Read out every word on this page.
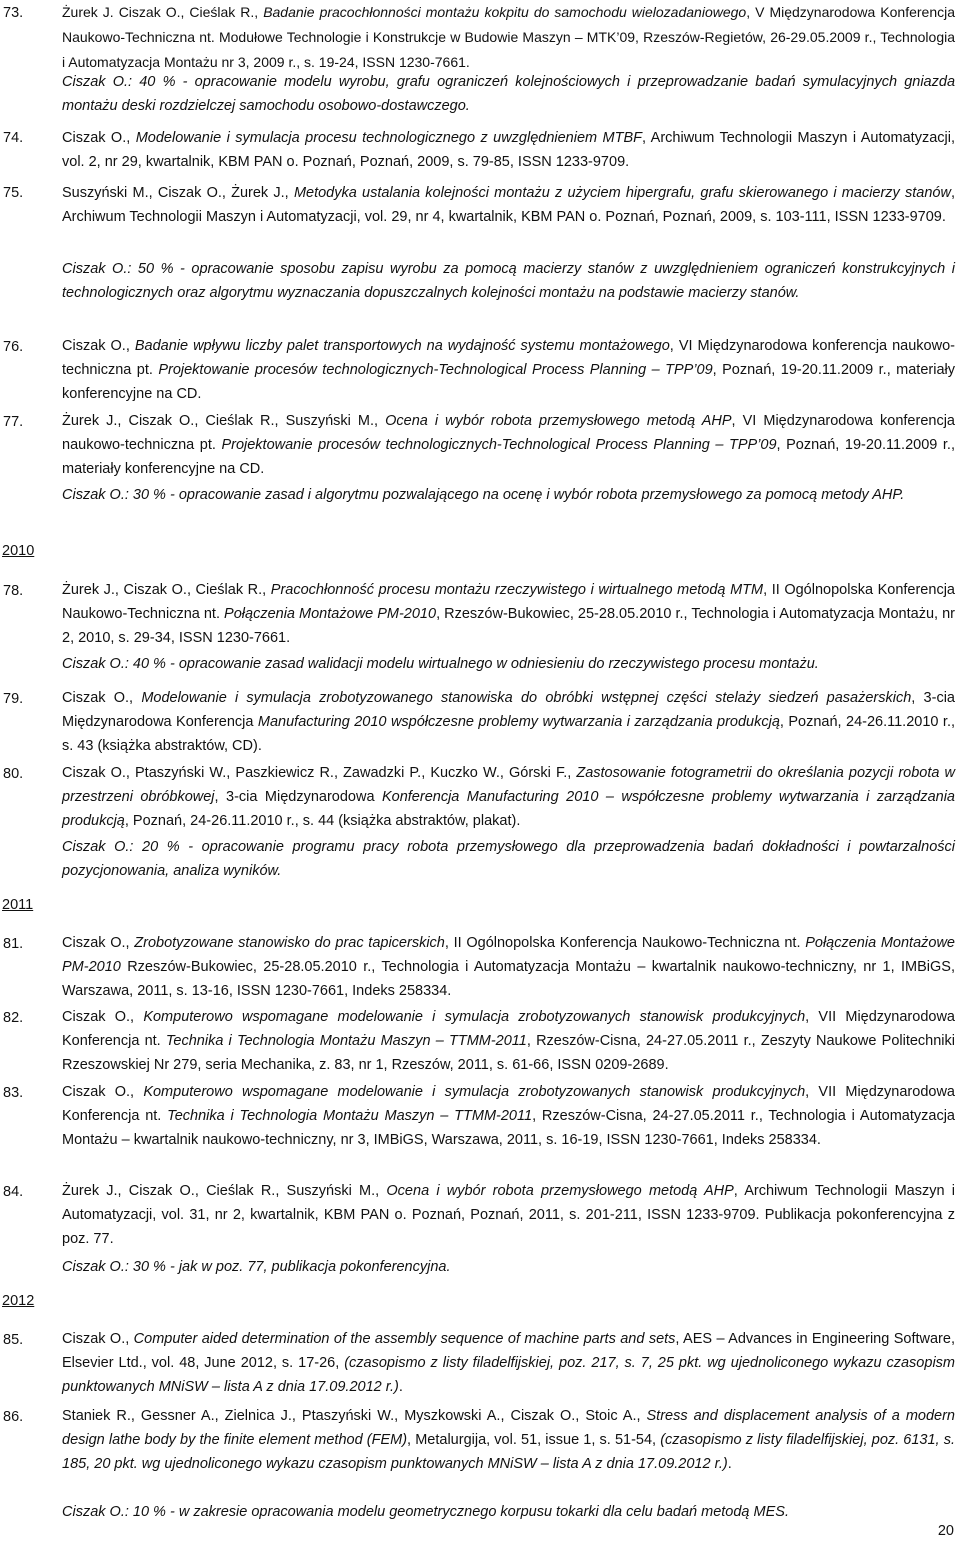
73.	Żurek J. Ciszak O., Cieślak R., Badanie pracochłonności montażu kokpitu do samochodu wielozadaniowego, V Międzynarodowa Konferencja Naukowo-Techniczna nt. Modułowe Technologie i Konstrukcje w Budowie Maszyn – MTK’09, Rzeszów-Regietów, 26-29.05.2009 r., Technologia i Automatyzacja Montażu nr 3, 2009 r., s. 19-24, ISSN 1230-7661.
Ciszak O.: 40 % - opracowanie modelu wyrobu, grafu ograniczeń kolejnościowych i przeprowadzanie badań symulacyjnych gniazda montażu deski rozdzielczej samochodu osobowo-dostawczego.
74.	Ciszak O., Modelowanie i symulacja procesu technologicznego z uwzględnieniem MTBF, Archiwum Technologii Maszyn i Automatyzacji, vol. 2, nr 29, kwartalnik, KBM PAN o. Poznań, Poznań, 2009, s. 79-85, ISSN 1233-9709.
75.	Suszyński M., Ciszak O., Żurek J., Metodyka ustalania kolejności montażu z użyciem hipergrafu, grafu skierowanego i macierzy stanów, Archiwum Technologii Maszyn i Automatyzacji, vol. 29, nr 4, kwartalnik, KBM PAN o. Poznań, Poznań, 2009, s. 103-111, ISSN 1233-9709.
Ciszak O.: 50 % - opracowanie sposobu zapisu wyrobu za pomocą macierzy stanów z uwzględnieniem ograniczeń konstrukcyjnych i technologicznych oraz algorytmu wyznaczania dopuszczalnych kolejności montażu na podstawie macierzy stanów.
76.	Ciszak O., Badanie wpływu liczby palet transportowych na wydajność systemu montażowego, VI Międzynarodowa konferencja naukowo-techniczna pt. Projektowanie procesów technologicznych-Technological Process Planning – TPP’09, Poznań, 19-20.11.2009 r., materiały konferencyjne na CD.
77.	Żurek J., Ciszak O., Cieślak R., Suszyński M., Ocena i wybór robota przemysłowego metodą AHP, VI Międzynarodowa konferencja naukowo-techniczna pt. Projektowanie procesów technologicznych-Technological Process Planning – TPP’09, Poznań, 19-20.11.2009 r., materiały konferencyjne na CD.
Ciszak O.: 30 % - opracowanie zasad i algorytmu pozwalającego na ocenę i wybór robota przemysłowego za pomocą metody AHP.
2010
78.	Żurek J., Ciszak O., Cieślak R., Pracochłonność procesu montażu rzeczywistego i wirtualnego metodą MTM, II Ogólnopolska Konferencja Naukowo-Techniczna nt. Połączenia Montażowe PM-2010, Rzeszów-Bukowiec, 25-28.05.2010 r., Technologia i Automatyzacja Montażu, nr 2, 2010, s. 29-34, ISSN 1230-7661.
Ciszak O.: 40 % - opracowanie zasad walidacji modelu wirtualnego w odniesieniu do rzeczywistego procesu montażu.
79.	Ciszak O., Modelowanie i symulacja zrobotyzowanego stanowiska do obróbki wstępnej części stelaży siedzeń pasażerskich, 3-cia Międzynarodowa Konferencja Manufacturing 2010 współczesne problemy wytwarzania i zarządzania produkcją, Poznań, 24-26.11.2010 r., s. 43 (książka abstraktów, CD).
80.	Ciszak O., Ptaszyński W., Paszkiewicz R., Zawadzki P., Kuczko W., Górski F., Zastosowanie fotogrametrii do określania pozycji robota w przestrzeni obróbkowej, 3-cia Międzynarodowa Konferencja Manufacturing 2010 – współczesne problemy wytwarzania i zarządzania produkcją, Poznań, 24-26.11.2010 r., s. 44 (książka abstraktów, plakat).
Ciszak O.: 20 % - opracowanie programu pracy robota przemysłowego dla przeprowadzenia badań dokładności i powtarzalności pozycjonowania, analiza wyników.
2011
81.	Ciszak O., Zrobotyzowane stanowisko do prac tapicerskich, II Ogólnopolska Konferencja Naukowo-Techniczna nt. Połączenia Montażowe PM-2010 Rzeszów-Bukowiec, 25-28.05.2010 r., Technologia i Automatyzacja Montażu – kwartalnik naukowo-techniczny, nr 1, IMBiGS, Warszawa, 2011, s. 13-16, ISSN 1230-7661, Indeks 258334.
82.	Ciszak O., Komputerowo wspomagane modelowanie i symulacja zrobotyzowanych stanowisk produkcyjnych, VII Międzynarodowa Konferencja nt. Technika i Technologia Montażu Maszyn – TTMM-2011, Rzeszów-Cisna, 24-27.05.2011 r., Zeszyty Naukowe Politechniki Rzeszowskiej Nr 279, seria Mechanika, z. 83, nr 1, Rzeszów, 2011, s. 61-66, ISSN 0209-2689.
83.	Ciszak O., Komputerowo wspomagane modelowanie i symulacja zrobotyzowanych stanowisk produkcyjnych, VII Międzynarodowa Konferencja nt. Technika i Technologia Montażu Maszyn – TTMM-2011, Rzeszów-Cisna, 24-27.05.2011 r., Technologia i Automatyzacja Montażu – kwartalnik naukowo-techniczny, nr 3, IMBiGS, Warszawa, 2011, s. 16-19, ISSN 1230-7661, Indeks 258334.
84.	Żurek J., Ciszak O., Cieślak R., Suszyński M., Ocena i wybór robota przemysłowego metodą AHP, Archiwum Technologii Maszyn i Automatyzacji, vol. 31, nr 2, kwartalnik, KBM PAN o. Poznań, Poznań, 2011, s. 201-211, ISSN 1233-9709. Publikacja pokonferencyjna z poz. 77.
Ciszak O.: 30 % - jak w poz. 77, publikacja pokonferencyjna.
2012
85.	Ciszak O., Computer aided determination of the assembly sequence of machine parts and sets, AES – Advances in Engineering Software, Elsevier Ltd., vol. 48, June 2012, s. 17-26, (czasopismo z listy filadelfijskiej, poz. 217, s. 7, 25 pkt. wg ujednoliconego wykazu czasopism punktowanych MNiSW – lista A z dnia 17.09.2012 r.).
86.	Staniek R., Gessner A., Zielnica J., Ptaszyński W., Myszkowski A., Ciszak O., Stoic A., Stress and displacement analysis of a modern design lathe body by the finite element method (FEM), Metalurgija, vol. 51, issue 1, s. 51-54, (czasopismo z listy filadelfijskiej, poz. 6131, s. 185, 20 pkt. wg ujednoliconego wykazu czasopism punktowanych MNiSW – lista A z dnia 17.09.2012 r.).
Ciszak O.: 10 % - w zakresie opracowania modelu geometrycznego korpusu tokarki dla celu badań metodą MES.
20
